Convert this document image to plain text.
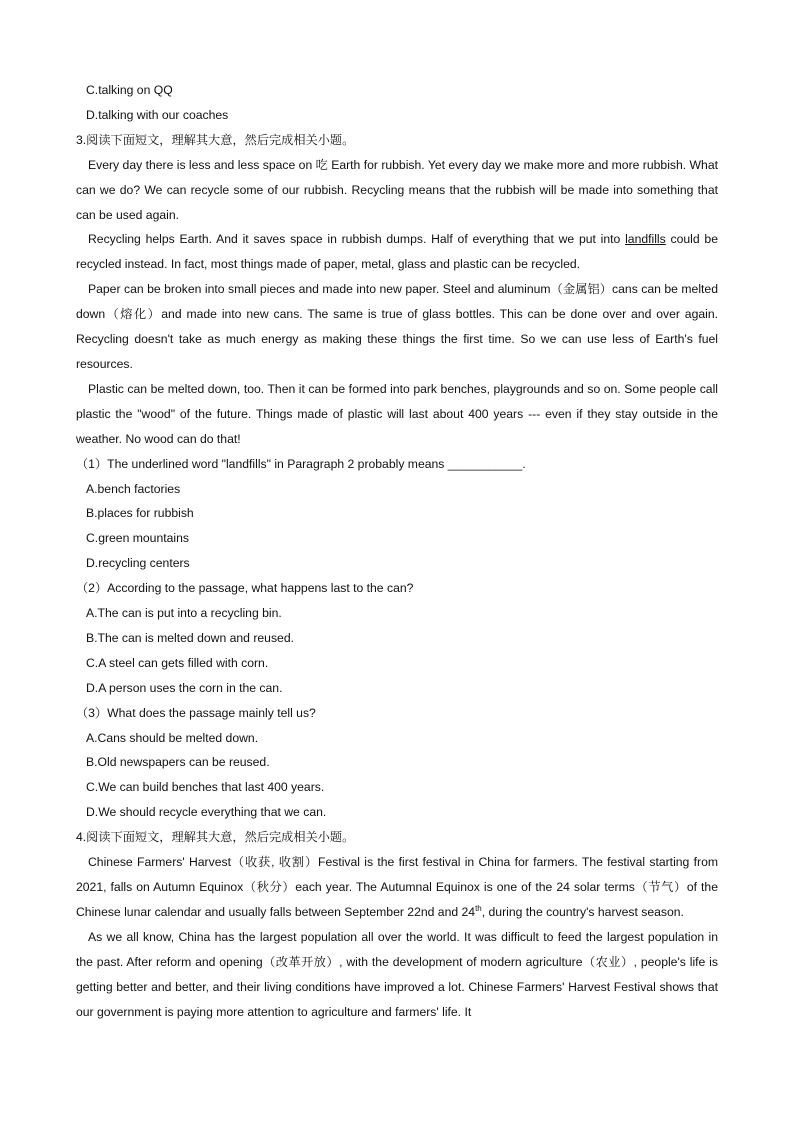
C.talking on QQ
D.talking with our coaches
3.阅读下面短文，理解其大意，然后完成相关小题。
Every day there is less and less space on 吃 Earth for rubbish. Yet every day we make more and more rubbish. What can we do? We can recycle some of our rubbish. Recycling means that the rubbish will be made into something that can be used again.
Recycling helps Earth. And it saves space in rubbish dumps. Half of everything that we put into landfills could be recycled instead. In fact, most things made of paper, metal, glass and plastic can be recycled.
Paper can be broken into small pieces and made into new paper. Steel and aluminum（金属铝）cans can be melted down（熔化）and made into new cans. The same is true of glass bottles. This can be done over and over again. Recycling doesn't take as much energy as making these things the first time. So we can use less of Earth's fuel resources.
Plastic can be melted down, too. Then it can be formed into park benches, playgrounds and so on. Some people call plastic the "wood" of the future. Things made of plastic will last about 400 years --- even if they stay outside in the weather. No wood can do that!
（1）The underlined word "landfills" in Paragraph 2 probably means ___________.
A.bench factories
B.places for rubbish
C.green mountains
D.recycling centers
（2）According to the passage, what happens last to the can?
A.The can is put into a recycling bin.
B.The can is melted down and reused.
C.A steel can gets filled with corn.
D.A person uses the corn in the can.
（3）What does the passage mainly tell us?
A.Cans should be melted down.
B.Old newspapers can be reused.
C.We can build benches that last 400 years.
D.We should recycle everything that we can.
4.阅读下面短文，理解其大意，然后完成相关小题。
Chinese Farmers' Harvest（收获, 收割）Festival is the first festival in China for farmers. The festival starting from 2021, falls on Autumn Equinox（秋分）each year. The Autumnal Equinox is one of the 24 solar terms（节气）of the Chinese lunar calendar and usually falls between September 22nd and 24th, during the country's harvest season.
As we all know, China has the largest population all over the world. It was difficult to feed the largest population in the past. After reform and opening（改革开放）, with the development of modern agriculture（农业）, people's life is getting better and better, and their living conditions have improved a lot. Chinese Farmers' Harvest Festival shows that our government is paying more attention to agriculture and farmers' life. It
